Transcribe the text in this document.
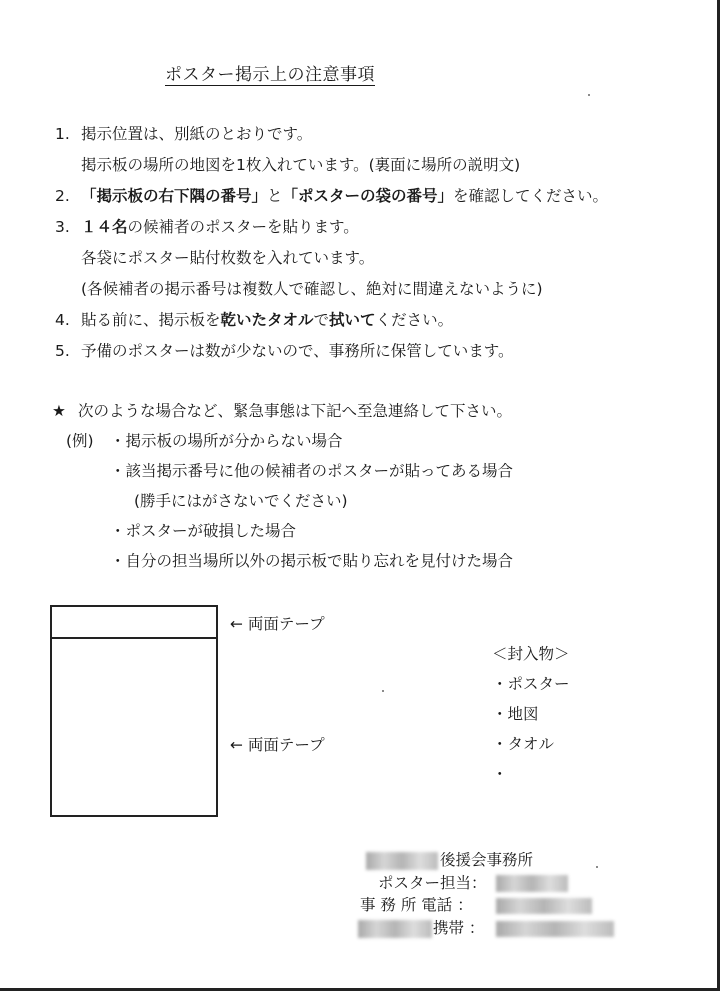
ポスター掲示上の注意事項
1. 掲示位置は、別紙のとおりです。
掲示板の場所の地図を1枚入れています。(裏面に場所の説明文)
2. 「掲示板の右下隅の番号」と「ポスターの袋の番号」を確認してください。
3. １４名の候補者のポスターを貼ります。
各袋にポスター貼付枚数を入れています。
(各候補者の掲示番号は複数人で確認し、絶対に間違えないように)
4. 貼る前に、掲示板を乾いたタオルで拭いてください。
5. 予備のポスターは数が少ないので、事務所に保管しています。
★ 次のような場合など、緊急事態は下記へ至急連絡して下さい。
(例) ・掲示板の場所が分からない場合
・該当掲示番号に他の候補者のポスターが貼ってある場合
(勝手にはがさないでください)
・ポスターが破損した場合
・自分の担当場所以外の掲示板で貼り忘れを見付けた場合
← 両面テープ
← 両面テープ
＜封入物＞
・ポスター
・地図
・タオル
・
後援会事務所
ポスター担当：
事 務 所 電話 ：
携帯 ：
